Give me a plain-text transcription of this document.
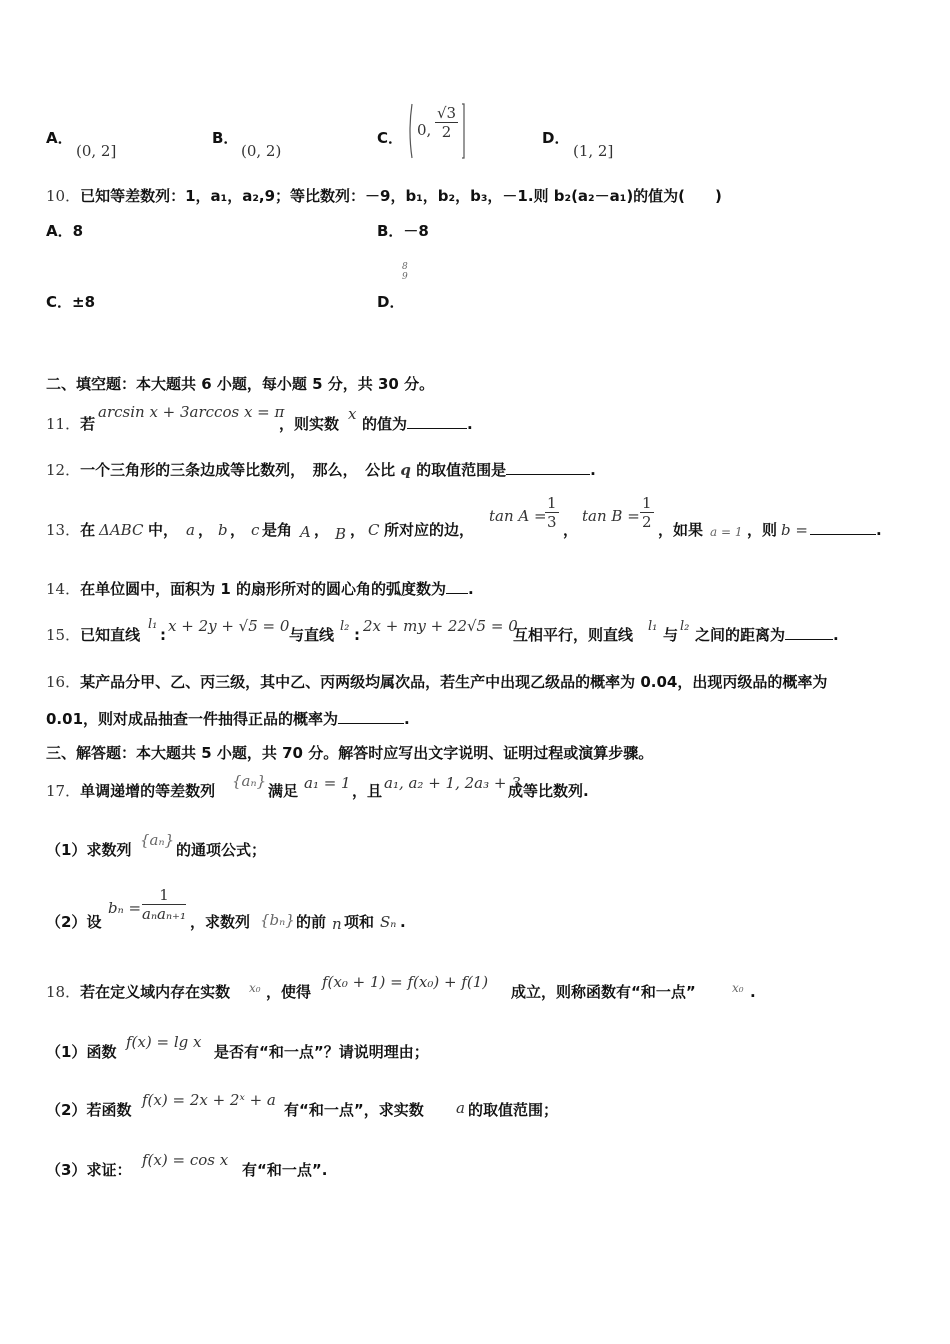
A．
(0, 2]
B．
(0, 2)
C． 0, $\frac{√3}{2}$	D．
(1, 2]
10．已知等差数列：1，a₁，a₂,9；等比数列：－9，b₁，b₂，b₃，－1.则 b₂(a₂－a₁)的值为(　　)
A．8	B．－8
C．±8	D．
8
9
二、填空题：本大题共 6 小题，每小题 5 分，共 30 分。
11．若
arcsin x + 3arccos x = π
，则实数
x
的值为	.
12．一个三角形的三条边成等比数列，　那么，　公比 q 的取值范围是	.
13．在 ΔABC 中， a ， b ， c 是角 A ， B ， C 所对应的边，
tan A =
$\frac{1}{3}$ ，
$\tan B = \frac{1}{2}$ ，如果 a = 1 ，则 b =	.
14．在单位圆中，面积为 1 的扇形所对的圆心角的弧度数为 .
15．已知直线
l₁
: x + 2y + √5 = 0 与直线 l₂ : 2x + my + 22√5 = 0
互相平行，则直线 l₁ 与 l₂ 之间的距离为	.
16．某产品分甲、乙、丙三级，其中乙、丙两级均属次品，若生产中出现乙级品的概率为 0.04，出现丙级品的概率为
0.01，则对成品抽查一件抽得正品的概率为	.
三、解答题：本大题共 5 小题，共 70 分。解答时应写出文字说明、证明过程或演算步骤。
17．单调递增的等差数列
{aₙ}
满足 a₁ = 1 ，且 a₁, a₂ + 1, 2a₃ + 3
成等比数列.
（1）求数列
{aₙ}
的通项公式；
（2）设
bₙ =
1
aₙaₙ₊₁ ，求数列 {bₙ} 的前 n 项和 Sₙ .
18．若在定义域内存在实数 x₀ ，使得
f(x₀ + 1) = f(x₀) + f(1)
成立，则称函数有“和一点”	x₀ .
（1）函数
f(x) = lg x
是否有“和一点”？请说明理由；
（2）若函数
f(x) = 2x + 2ˣ + a
有“和一点”，求实数 a 的取值范围；
（3）求证：
f(x) = cos x
有“和一点”.
